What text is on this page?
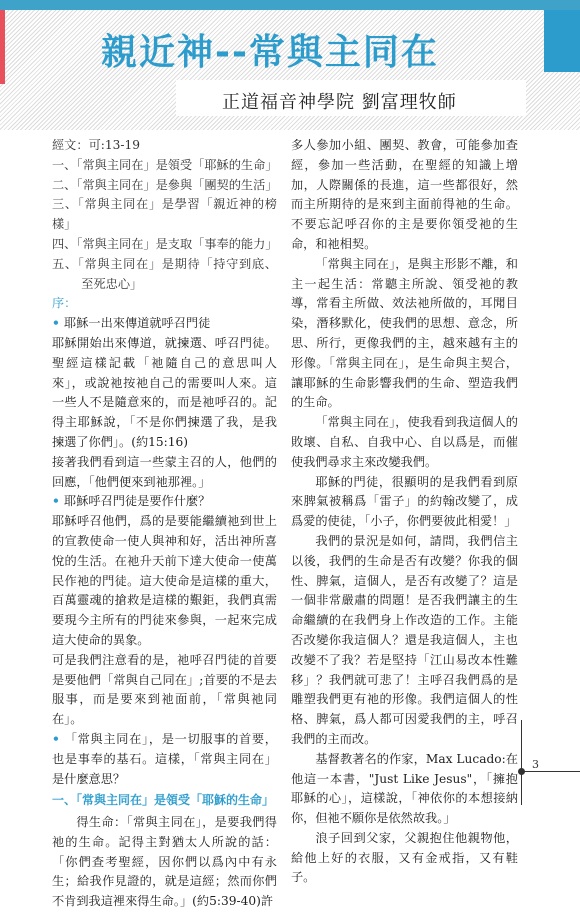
親近神--常與主同在
正道福音神學院 劉富理牧師

經文：可:13-19

一、「常與主同在」是領受「耶穌的生命」

二、「常與主同在」是參與「團契的生活」

三、「常與主同在」是學習「親近神的榜樣」

四、「常與主同在」是支取「事奉的能力」

五、「常與主同在」是期待「持守到底、至死忠心」

序：

• 耶穌一出來傳道就呼召門徒

耶穌開始出來傳道，就揀選、呼召門徒。聖經這樣記載「祂隨自己的意思叫人來」，或說祂按祂自己的需要叫人來。這一些人不是隨意來的，而是祂呼召的。記得主耶穌說，「不是你們揀選了我，是我揀選了你們」。(約15:16)

接著我們看到這一些蒙主召的人，他們的回應，「他們便來到祂那裡。」

• 耶穌呼召門徒是要作什麼？

耶穌呼召他們，爲的是要能繼續祂到世上的宣教使命一使人與神和好，活出神所喜悅的生活。在祂升天前下達大使命一使萬民作祂的門徒。這大使命是這樣的重大，百萬靈魂的搶救是這樣的艱鉅，我們真需要現今主所有的門徒來參與，一起來完成這大使命的異象。

可是我們注意看的是，祂呼召門徒的首要是要他們「常與自己同在」;首要的不是去服事，而是要來到祂面前，「常與祂同在」。

• 「常與主同在」，是一切服事的首要，也是事奉的基石。這樣，「常與主同在」是什麼意思？

一、「常與主同在」是領受「耶穌的生命」

得生命：「常與主同在」，是要我們得祂的生命。記得主對猶太人所說的話：「你們查考聖經，因你們以爲內中有永生；給我作見證的，就是這經；然而你們不肯到我這裡來得生命。」(約5:39-40)許

多人參加小組、團契、教會，可能參加查經，參加一些活動，在聖經的知識上增加，人際關係的長進，這一些都很好，然而主所期待的是來到主面前得祂的生命。不要忘記呼召你的主是要你領受祂的生命，和祂相契。

「常與主同在」，是與主形影不離，和主一起生活：常聽主所說、領受祂的教導，常看主所做、效法祂所做的，耳聞目染，潛移默化，使我們的思想、意念，所思、所行，更像我們的主，越來越有主的形像。「常與主同在」，是生命與主契合，讓耶穌的生命影響我們的生命、塑造我們的生命。

「常與主同在」，使我看到我這個人的敗壞、自私、自我中心、自以爲是，而催使我們尋求主來改變我們。

耶穌的門徒，很顯明的是我們看到原來脾氣被稱爲「雷子」的約翰改變了，成爲愛的使徒，「小子，你們要彼此相愛！」

我們的景況是如何，請問，我們信主以後，我們的生命是否有改變？你我的個性、脾氣，這個人，是否有改變了？這是一個非常嚴肅的問題！是否我們讓主的生命繼續的在我們身上作改造的工作。主能否改變你我這個人？還是我這個人，主也改變不了我？若是堅持「江山易改本性難移」？我們就可悲了！主呼召我們爲的是雕塑我們更有祂的形像。我們這個人的性格、脾氣，爲人都可因愛我們的主，呼召我們的主而改。

基督教著名的作家，Max Lucado:在他這一本書，"Just Like Jesus"，「擁抱耶穌的心」，這樣說，「神依你的本想接納你，但祂不願你是依然故我。」

浪子回到父家，父親抱住他親物他，給他上好的衣服，又有金戒指，又有鞋子。

3
